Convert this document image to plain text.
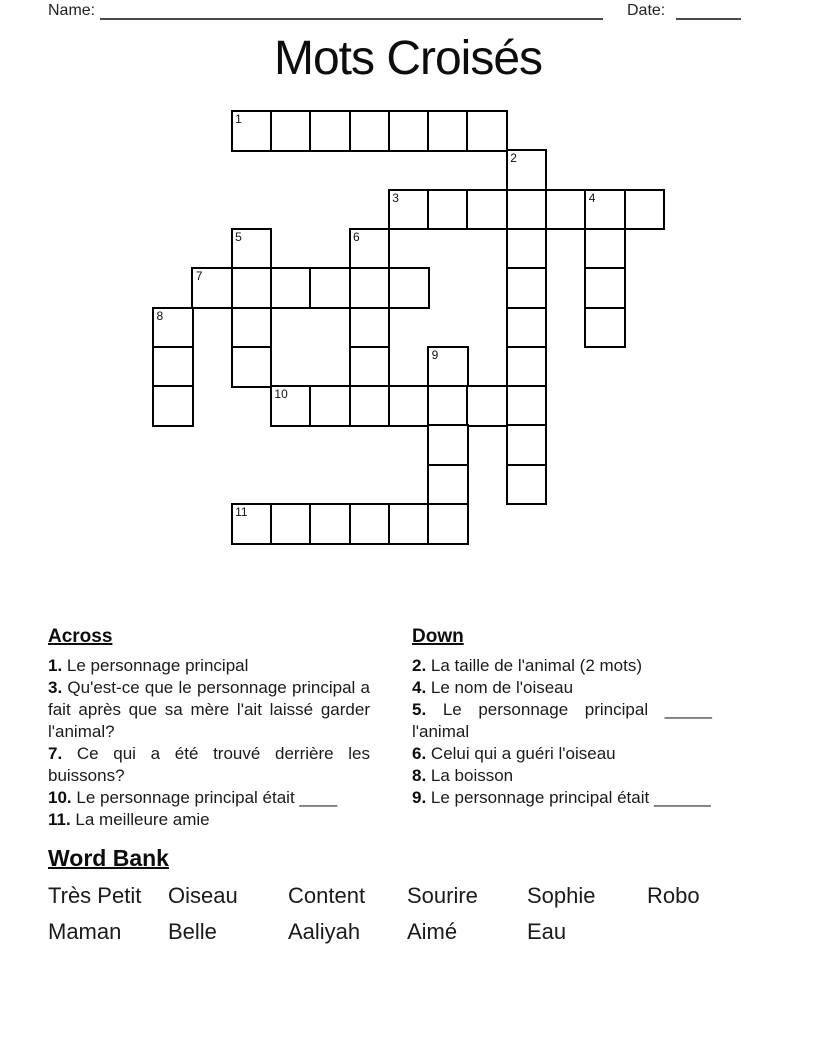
Name:	Date:
Mots Croisés
1
2
3	4
5	6
7
8
9
10
11
Across

1. Le personnage principal

3. Qu'est-ce que le personnage principal a fait après que sa mère l'ait laissé garder l'animal?

7. Ce qui a été trouvé derrière les buissons?

10. Le personnage principal était ____

11. La meilleure amie

Down

2. La taille de l'animal (2 mots)

4. Le nom de l'oiseau

5. Le personnage principal _____ l'animal

6. Celui qui a guéri l'oiseau

8. La boisson

9. Le personnage principal était ______

Word Bank
Très Petit	Oiseau	Content	Sourire	Sophie	Robo
Maman	Belle	Aaliyah	Aimé	Eau
